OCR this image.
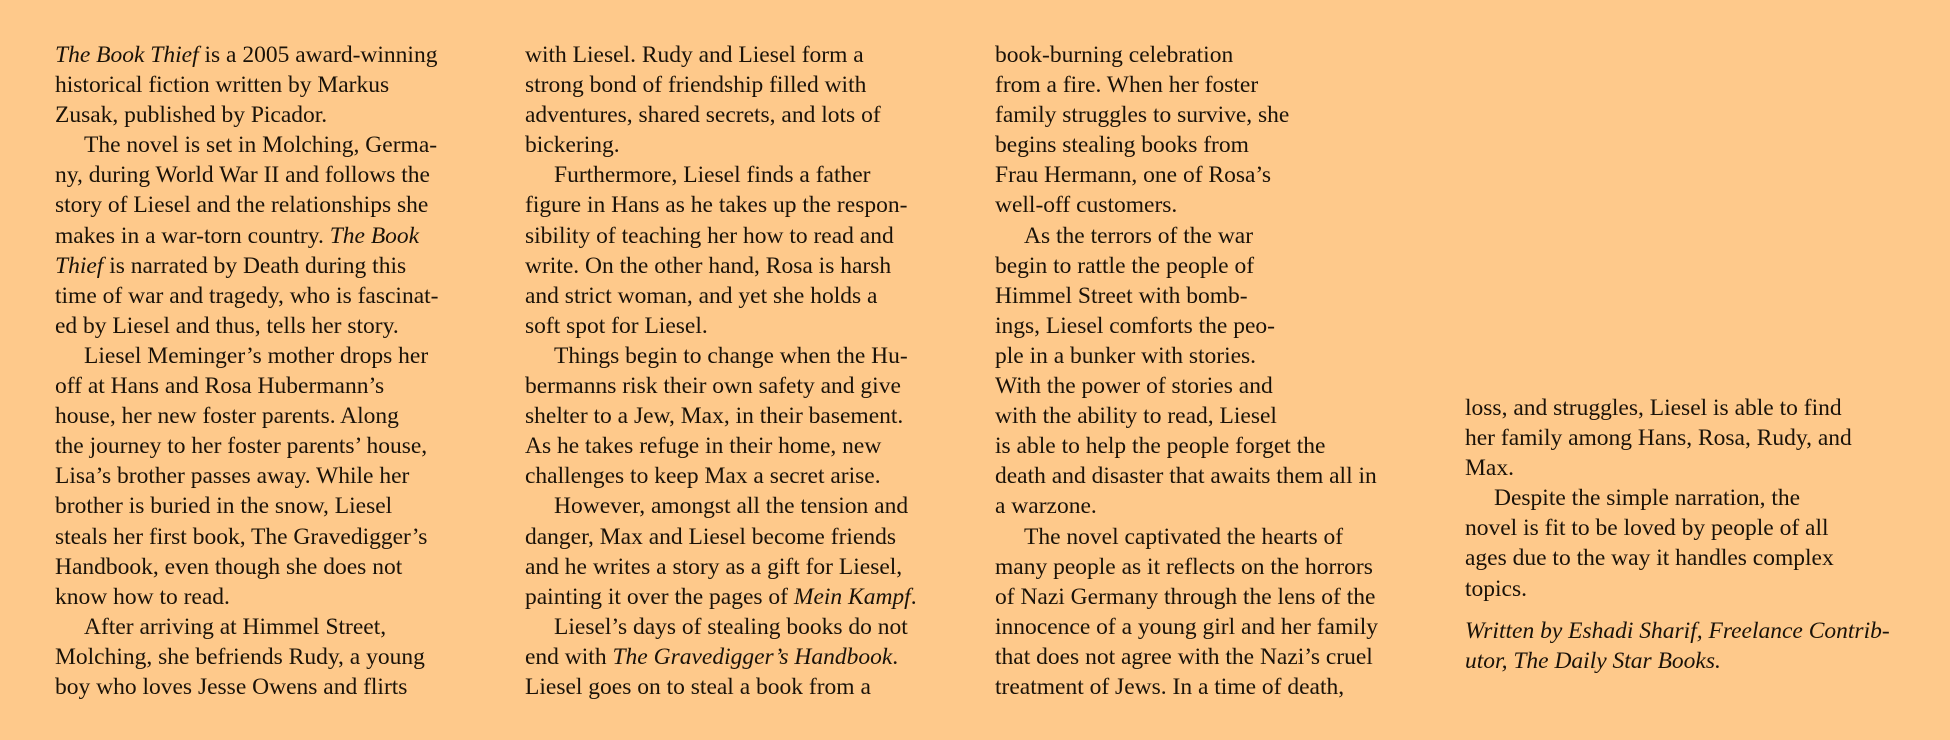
The Book Thief is a 2005 award-winning
historical fiction written by Markus
Zusak, published by Picador.
The novel is set in Molching, Germa-
ny, during World War II and follows the
story of Liesel and the relationships she
makes in a war-torn country. The Book
Thief is narrated by Death during this
time of war and tragedy, who is fascinat-
ed by Liesel and thus, tells her story.
Liesel Meminger’s mother drops her
off at Hans and Rosa Hubermann’s
house, her new foster parents. Along
the journey to her foster parents’ house,
Lisa’s brother passes away. While her
brother is buried in the snow, Liesel
steals her first book, The Gravedigger’s
Handbook, even though she does not
know how to read.
After arriving at Himmel Street,
Molching, she befriends Rudy, a young
boy who loves Jesse Owens and flirts
with Liesel. Rudy and Liesel form a
strong bond of friendship filled with
adventures, shared secrets, and lots of
bickering.
Furthermore, Liesel finds a father
figure in Hans as he takes up the respon-
sibility of teaching her how to read and
write. On the other hand, Rosa is harsh
and strict woman, and yet she holds a
soft spot for Liesel.
Things begin to change when the Hu-
bermanns risk their own safety and give
shelter to a Jew, Max, in their basement.
As he takes refuge in their home, new
challenges to keep Max a secret arise.
However, amongst all the tension and
danger, Max and Liesel become friends
and he writes a story as a gift for Liesel,
painting it over the pages of Mein Kampf.
Liesel’s days of stealing books do not
end with The Gravedigger’s Handbook.
Liesel goes on to steal a book from a
book-burning celebration
from a fire. When her foster
family struggles to survive, she
begins stealing books from
Frau Hermann, one of Rosa’s
well-off customers.
As the terrors of the war
begin to rattle the people of
Himmel Street with bomb-
ings, Liesel comforts the peo-
ple in a bunker with stories.
With the power of stories and
with the ability to read, Liesel
is able to help the people forget the
death and disaster that awaits them all in
a warzone.
The novel captivated the hearts of
many people as it reflects on the horrors
of Nazi Germany through the lens of the
innocence of a young girl and her family
that does not agree with the Nazi’s cruel
treatment of Jews. In a time of death,
loss, and struggles, Liesel is able to find
her family among Hans, Rosa, Rudy, and
Max.
Despite the simple narration, the
novel is fit to be loved by people of all
ages due to the way it handles complex
topics.
Written by Eshadi Sharif, Freelance Contrib-
utor, The Daily Star Books.
